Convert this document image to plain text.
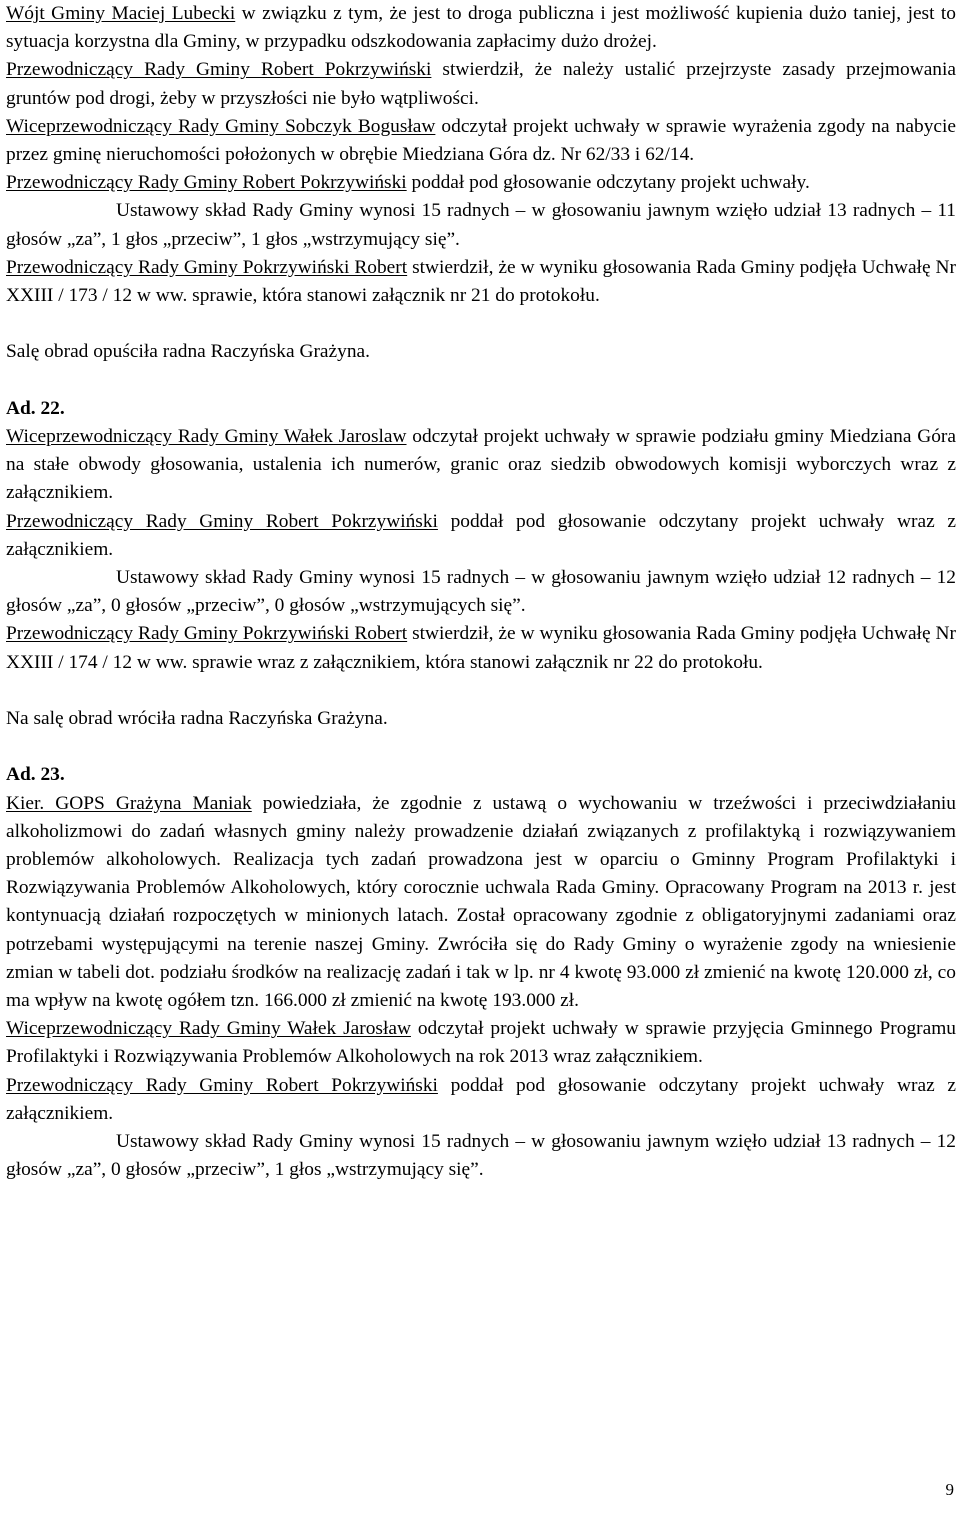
Wójt Gminy Maciej Lubecki w związku z tym, że jest to droga publiczna i jest możliwość kupienia dużo taniej, jest to sytuacja korzystna dla Gminy, w przypadku odszkodowania zapłacimy dużo drożej.

Przewodniczący Rady Gminy Robert Pokrzywiński stwierdził, że należy ustalić przejrzyste zasady przejmowania gruntów pod drogi, żeby w przyszłości nie było wątpliwości.

Wiceprzewodniczący Rady Gminy Sobczyk Bogusław odczytał projekt uchwały w sprawie wyrażenia zgody na nabycie przez gminę nieruchomości położonych w obrębie Miedziana Góra dz. Nr 62/33 i 62/14.

Przewodniczący Rady Gminy Robert Pokrzywiński poddał pod głosowanie odczytany projekt uchwały.

Ustawowy skład Rady Gminy wynosi 15 radnych – w głosowaniu jawnym wzięło udział 13 radnych – 11 głosów „za”, 1 głos „przeciw”, 1 głos „wstrzymujący się”.

Przewodniczący Rady Gminy Pokrzywiński Robert stwierdził, że w wyniku głosowania Rada Gminy podjęła Uchwałę Nr XXIII / 173 / 12 w ww. sprawie, która stanowi załącznik nr 21 do protokołu.

Salę obrad opuściła radna Raczyńska Grażyna.

Ad. 22.

Wiceprzewodniczący Rady Gminy Wałek Jaroslaw odczytał projekt uchwały w sprawie podziału gminy Miedziana Góra na stałe obwody głosowania, ustalenia ich numerów, granic oraz siedzib obwodowych komisji wyborczych wraz z załącznikiem.

Przewodniczący Rady Gminy Robert Pokrzywiński poddał pod głosowanie odczytany projekt uchwały wraz z załącznikiem.

Ustawowy skład Rady Gminy wynosi 15 radnych – w głosowaniu jawnym wzięło udział 12 radnych – 12 głosów „za”, 0 głosów „przeciw”, 0 głosów „wstrzymujących się”.

Przewodniczący Rady Gminy Pokrzywiński Robert stwierdził, że w wyniku głosowania Rada Gminy podjęła Uchwałę Nr XXIII / 174 / 12 w ww. sprawie wraz z załącznikiem, która stanowi załącznik nr 22 do protokołu.

Na salę obrad wróciła radna Raczyńska Grażyna.

Ad. 23.

Kier. GOPS Grażyna Maniak powiedziała, że zgodnie z ustawą o wychowaniu w trzeźwości i przeciwdziałaniu alkoholizmowi do zadań własnych gminy należy prowadzenie działań związanych z profilaktyką i rozwiązywaniem problemów alkoholowych. Realizacja tych zadań prowadzona jest w oparciu o Gminny Program Profilaktyki i Rozwiązywania Problemów Alkoholowych, który corocznie uchwala Rada Gminy. Opracowany Program na 2013 r. jest kontynuacją działań rozpoczętych w minionych latach. Został opracowany zgodnie z obligatoryjnymi zadaniami oraz potrzebami występującymi na terenie naszej Gminy. Zwróciła się do Rady Gminy o wyrażenie zgody na wniesienie zmian w tabeli dot. podziału środków na realizację zadań i tak w lp. nr 4 kwotę 93.000 zł zmienić na kwotę 120.000 zł, co ma wpływ na kwotę ogółem tzn. 166.000 zł zmienić na kwotę 193.000 zł.

Wiceprzewodniczący Rady Gminy Wałek Jarosław odczytał projekt uchwały w sprawie przyjęcia Gminnego Programu Profilaktyki i Rozwiązywania Problemów Alkoholowych na rok 2013 wraz załącznikiem.

Przewodniczący Rady Gminy Robert Pokrzywiński poddał pod głosowanie odczytany projekt uchwały wraz z załącznikiem.

Ustawowy skład Rady Gminy wynosi 15 radnych – w głosowaniu jawnym wzięło udział 13 radnych – 12 głosów „za”, 0 głosów „przeciw”, 1 głos „wstrzymujący się”.

9
